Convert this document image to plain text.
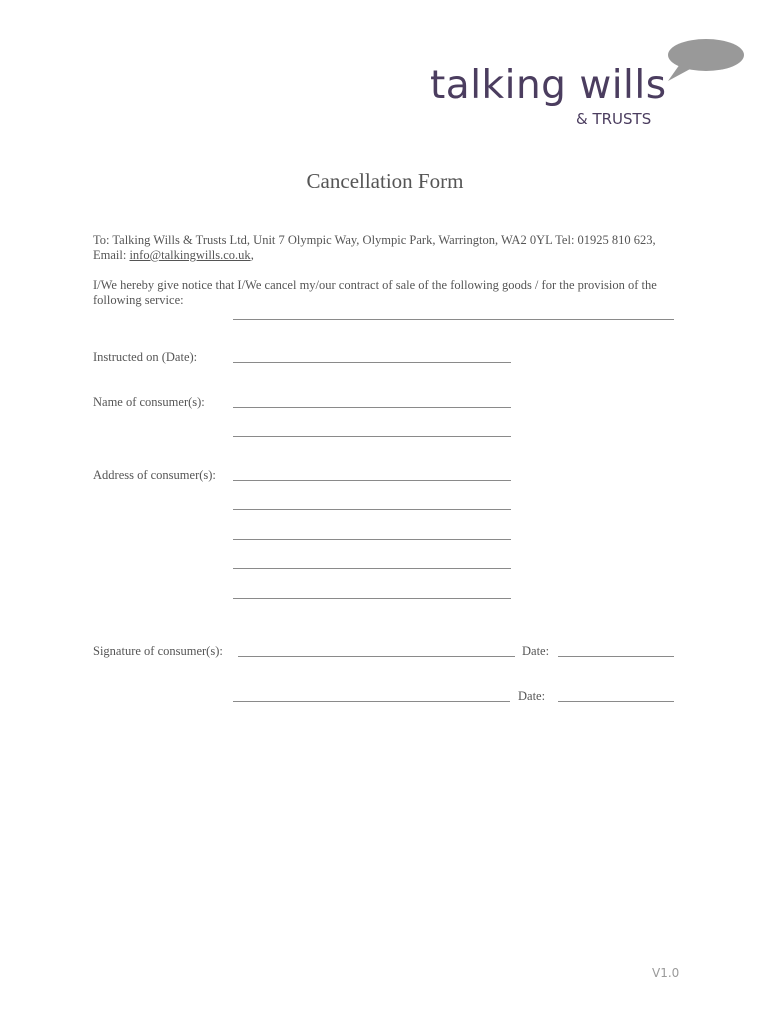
talking wills
& TRUSTS
Cancellation Form
To: Talking Wills & Trusts Ltd, Unit 7 Olympic Way, Olympic Park, Warrington, WA2 0YL Tel: 01925 810 623, Email: info@talkingwills.co.uk,
I/We hereby give notice that I/We cancel my/our contract of sale of the following goods / for the provision of the following service:
Instructed on (Date):
Name of consumer(s):
Address of consumer(s):
Signature of consumer(s):	Date:
Date:
V1.0
